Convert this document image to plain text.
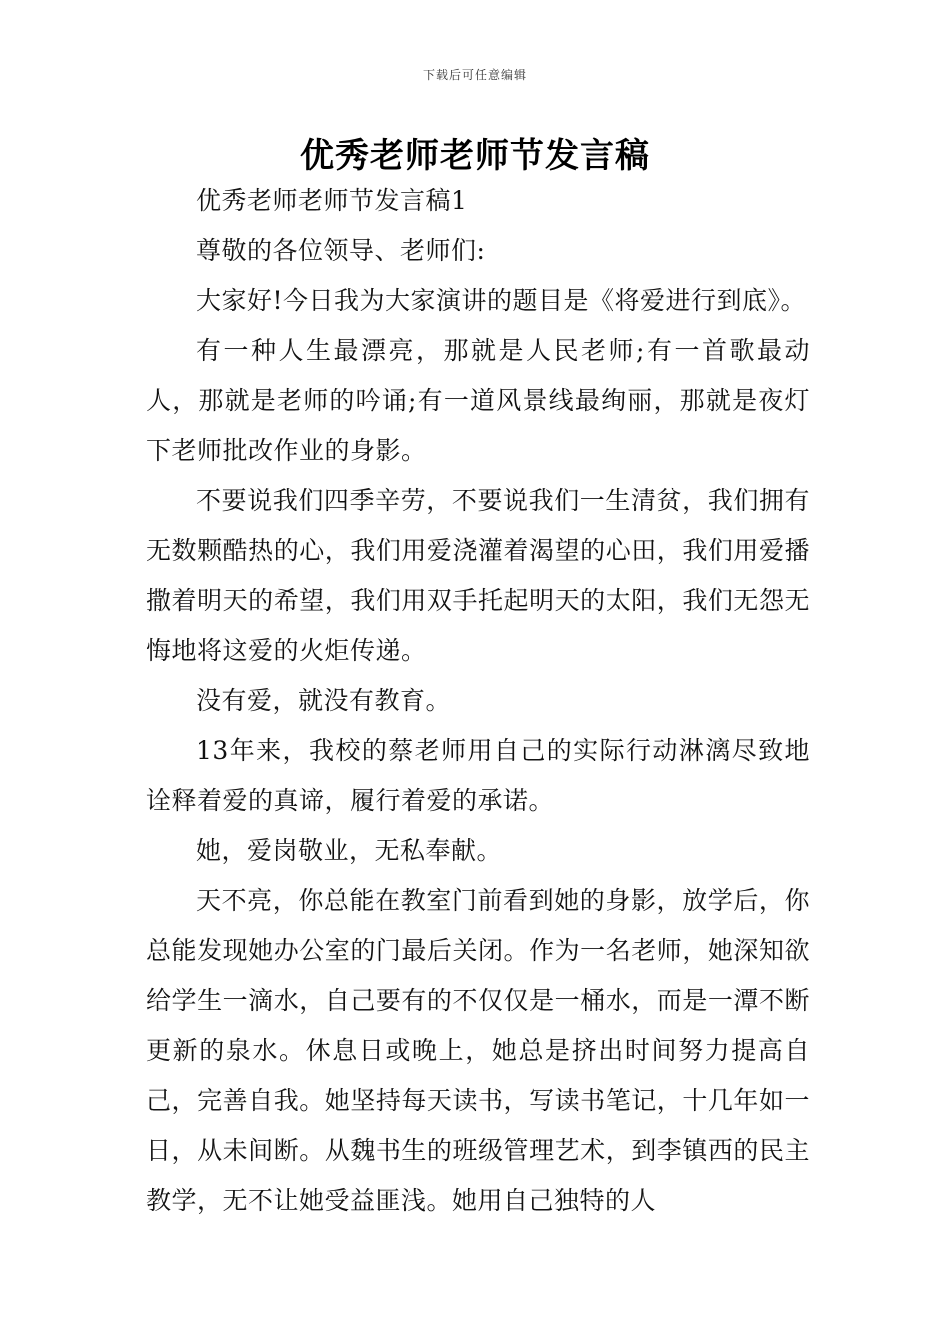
下载后可任意编辑
优秀老师老师节发言稿

优秀老师老师节发言稿1

尊敬的各位领导、老师们:

大家好!今日我为大家演讲的题目是《将爱进行到底》。

有一种人生最漂亮，那就是人民老师;有一首歌最动人，那就是老师的吟诵;有一道风景线最绚丽，那就是夜灯下老师批改作业的身影。

不要说我们四季辛劳，不要说我们一生清贫，我们拥有无数颗酷热的心，我们用爱浇灌着渴望的心田，我们用爱播撒着明天的希望，我们用双手托起明天的太阳，我们无怨无悔地将这爱的火炬传递。

没有爱，就没有教育。

13年来，我校的蔡老师用自己的实际行动淋漓尽致地诠释着爱的真谛，履行着爱的承诺。

她，爱岗敬业，无私奉献。

天不亮，你总能在教室门前看到她的身影，放学后，你总能发现她办公室的门最后关闭。作为一名老师，她深知欲给学生一滴水，自己要有的不仅仅是一桶水，而是一潭不断更新的泉水。休息日或晚上，她总是挤出时间努力提高自己，完善自我。她坚持每天读书，写读书笔记，十几年如一日，从未间断。从魏书生的班级管理艺术，到李镇西的民主教学，无不让她受益匪浅。她用自己独特的人
